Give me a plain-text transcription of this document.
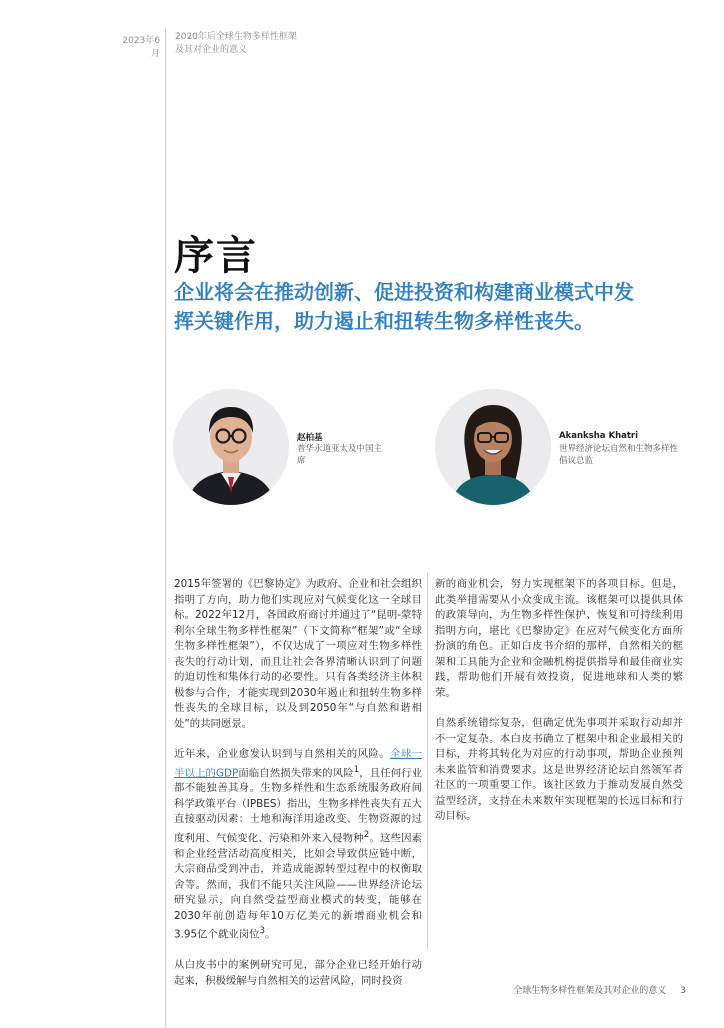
2023年6月
2020年后全球生物多样性框架及其对企业的意义
序言
企业将会在推动创新、促进投资和构建商业模式中发挥关键作用，助力遏止和扭转生物多样性丧失。
赵柏基
普华永道亚太及中国主席
Akanksha Khatri
世界经济论坛自然和生物多样性倡议总监

2015年签署的《巴黎协定》为政府、企业和社会组织指明了方向，助力他们实现应对气候变化这一全球目标。2022年12月，各国政府商讨并通过了“昆明-蒙特利尔全球生物多样性框架”（下文简称“框架”或“全球生物多样性框架”），不仅达成了一项应对生物多样性丧失的行动计划，而且让社会各界清晰认识到了问题的迫切性和集体行动的必要性。只有各类经济主体积极参与合作，才能实现到2030年遏止和扭转生物多样性丧失的全球目标，以及到2050年“与自然和谐相处”的共同愿景。

近年来，企业愈发认识到与自然相关的风险。全球一半以上的GDP面临自然损失带来的风险$^1$，且任何行业都不能独善其身。生物多样性和生态系统服务政府间科学政策平台（IPBES）指出，生物多样性丧失有五大直接驱动因素：土地和海洋用途改变、生物资源的过度利用、气候变化、污染和外来入侵物种$^2$。这些因素和企业经营活动高度相关，比如会导致供应链中断，大宗商品受到冲击，并造成能源转型过程中的权衡取舍等。然而，我们不能只关注风险——世界经济论坛研究显示，向自然受益型商业模式的转变，能够在2030年前创造每年10万亿美元的新增商业机会和3.95亿个就业岗位$^3$。

从白皮书中的案例研究可见，部分企业已经开始行动起来，积极缓解与自然相关的运营风险，同时投资

新的商业机会，努力实现框架下的各项目标。但是，此类举措需要从小众变成主流。该框架可以提供具体的政策导向，为生物多样性保护、恢复和可持续利用指明方向，堪比《巴黎协定》在应对气候变化方面所扮演的角色。正如白皮书介绍的那样，自然相关的框架和工具能为企业和金融机构提供指导和最佳商业实践，帮助他们开展有效投资，促进地球和人类的繁荣。

自然系统错综复杂，但确定优先事项并采取行动却并不一定复杂。本白皮书确立了框架中和企业最相关的目标，并将其转化为对应的行动事项，帮助企业预判未来监管和消费要求。这是世界经济论坛自然领军者社区的一项重要工作。该社区致力于推动发展自然受益型经济，支持在未来数年实现框架的长远目标和行动目标。

全球生物多样性框架及其对企业的意义 3
